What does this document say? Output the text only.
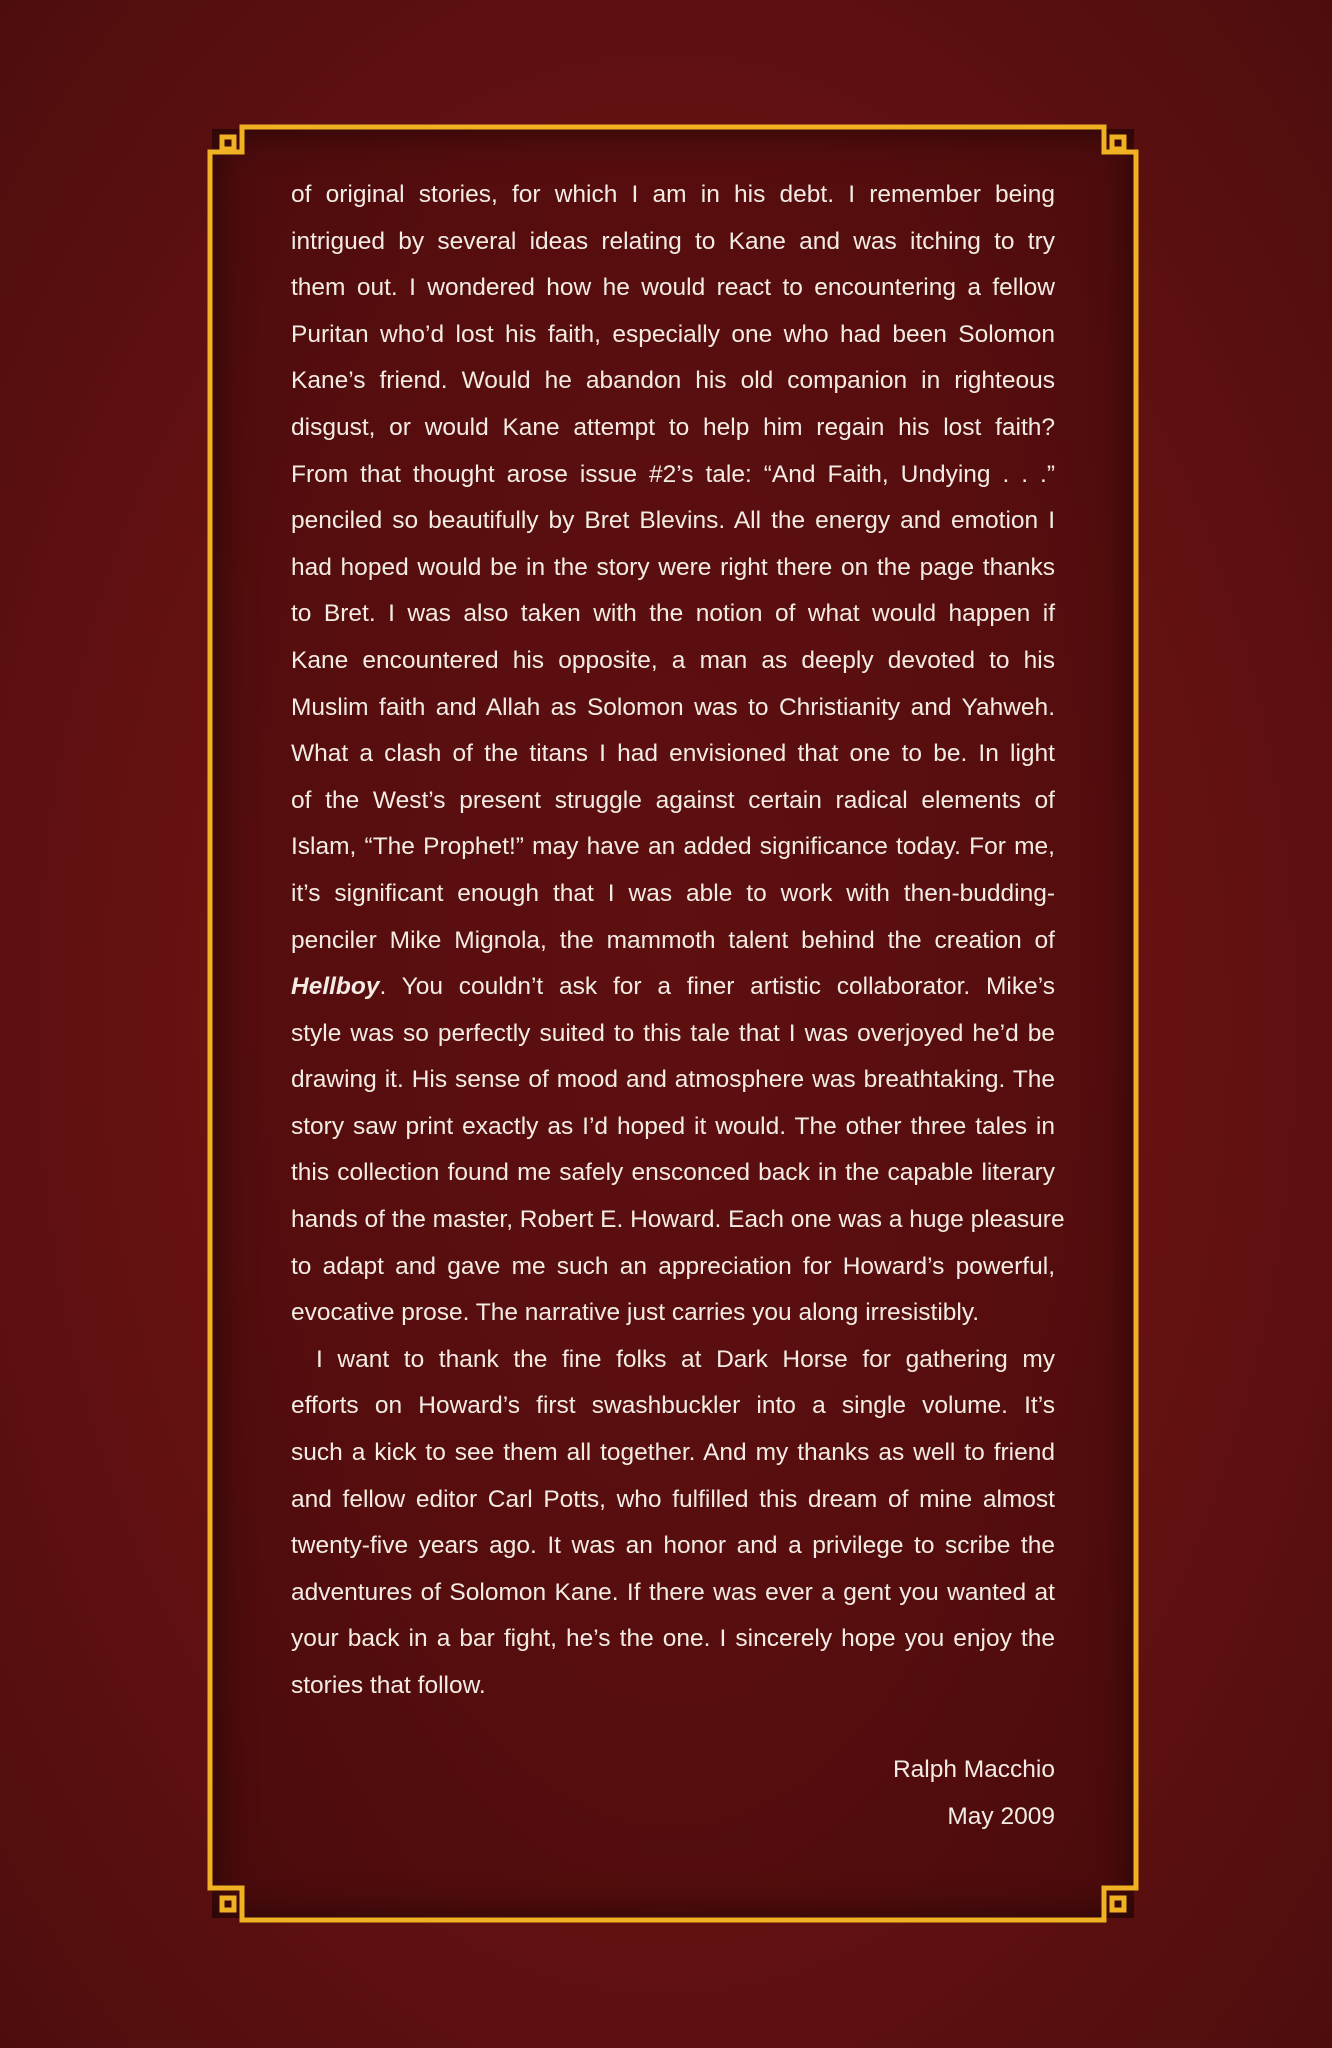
of original stories, for which I am in his debt. I remember being
intrigued by several ideas relating to Kane and was itching to try
them out. I wondered how he would react to encountering a fellow
Puritan who’d lost his faith, especially one who had been Solomon
Kane’s friend. Would he abandon his old companion in righteous
disgust, or would Kane attempt to help him regain his lost faith?
From that thought arose issue #2’s tale: “And Faith, Undying . . .”
penciled so beautifully by Bret Blevins. All the energy and emotion I
had hoped would be in the story were right there on the page thanks
to Bret. I was also taken with the notion of what would happen if
Kane encountered his opposite, a man as deeply devoted to his
Muslim faith and Allah as Solomon was to Christianity and Yahweh.
What a clash of the titans I had envisioned that one to be. In light
of the West’s present struggle against certain radical elements of
Islam, “The Prophet!” may have an added significance today. For me,
it’s significant enough that I was able to work with then-budding-
penciler Mike Mignola, the mammoth talent behind the creation of
Hellboy. You couldn’t ask for a finer artistic collaborator. Mike’s
style was so perfectly suited to this tale that I was overjoyed he’d be
drawing it. His sense of mood and atmosphere was breathtaking. The
story saw print exactly as I’d hoped it would. The other three tales in
this collection found me safely ensconced back in the capable literary
hands of the master, Robert E. Howard. Each one was a huge pleasure
to adapt and gave me such an appreciation for Howard’s powerful,
evocative prose. The narrative just carries you along irresistibly.
I want to thank the fine folks at Dark Horse for gathering my
efforts on Howard’s first swashbuckler into a single volume. It’s
such a kick to see them all together. And my thanks as well to friend
and fellow editor Carl Potts, who fulfilled this dream of mine almost
twenty-five years ago. It was an honor and a privilege to scribe the
adventures of Solomon Kane. If there was ever a gent you wanted at
your back in a bar fight, he’s the one. I sincerely hope you enjoy the
stories that follow.
Ralph Macchio
May 2009
